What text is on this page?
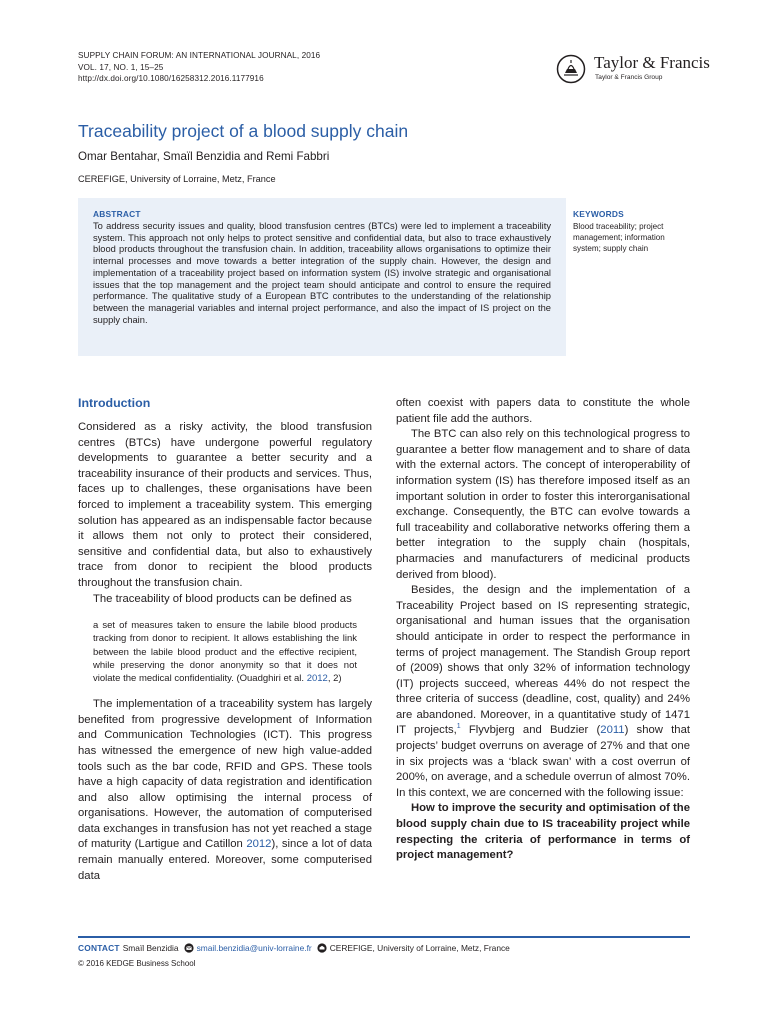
SUPPLY CHAIN FORUM: AN INTERNATIONAL JOURNAL, 2016
VOL. 17, NO. 1, 15–25
http://dx.doi.org/10.1080/16258312.2016.1177916
Taylor & Francis
Taylor & Francis Group
Traceability project of a blood supply chain
Omar Bentahar, Smaïl Benzidia and Remi Fabbri
CEREFIGE, University of Lorraine, Metz, France
ABSTRACT
To address security issues and quality, blood transfusion centres (BTCs) were led to implement a traceability system. This approach not only helps to protect sensitive and confidential data, but also to trace exhaustively blood products throughout the transfusion chain. In addition, traceability allows organisations to optimize their internal processes and move towards a better integration of the supply chain. However, the design and implementation of a traceability project based on information system (IS) involve strategic and organisational issues that the top management and the project team should anticipate and control to ensure the required performance. The qualitative study of a European BTC contributes to the understanding of the relationship between the managerial variables and internal project performance, and also the impact of IS project on the supply chain.
KEYWORDS
Blood traceability; project management; information system; supply chain
Introduction

Considered as a risky activity, the blood transfusion centres (BTCs) have undergone powerful regulatory developments to guarantee a better security and a traceability insurance of their products and services. Thus, faces up to challenges, these organisations have been forced to implement a traceability system. This emerging solution has appeared as an indispensable factor because it allows them not only to protect their considered, sensitive and confidential data, but also to exhaustively trace from donor to recipient the blood products throughout the transfusion chain.

The traceability of blood products can be defined as

a set of measures taken to ensure the labile blood products tracking from donor to recipient. It allows establishing the link between the labile blood product and the effective recipient, while preserving the donor anonymity so that it does not violate the medical confidentiality. (Ouadghiri et al. 2012, 2)

The implementation of a traceability system has largely benefited from progressive development of Information and Communication Technologies (ICT). This progress has witnessed the emergence of new high value-added tools such as the bar code, RFID and GPS. These tools have a high capacity of data registration and identification and also allow optimising the internal process of organisations. However, the automation of computerised data exchanges in transfusion has not yet reached a stage of maturity (Lartigue and Catillon 2012), since a lot of data remain manually entered. Moreover, some computerised data

often coexist with papers data to constitute the whole patient file add the authors.

The BTC can also rely on this technological progress to guarantee a better flow management and to share of data with the external actors. The concept of interoperability of information system (IS) has therefore imposed itself as an important solution in order to foster this interorganisational exchange. Consequently, the BTC can evolve towards a full traceability and collaborative networks offering them a better integration to the supply chain (hospitals, pharmacies and manufacturers of medicinal products derived from blood).

Besides, the design and the implementation of a Traceability Project based on IS representing strategic, organisational and human issues that the organisation should anticipate in order to respect the performance in terms of project management. The Standish Group report of (2009) shows that only 32% of information technology (IT) projects succeed, whereas 44% do not respect the three criteria of success (deadline, cost, quality) and 24% are abandoned. Moreover, in a quantitative study of 1471 IT projects,$^1$ Flyvbjerg and Budzier (2011) show that projects’ budget overruns on average of 27% and that one in six projects was a ‘black swan’ with a cost overrun of 200%, on average, and a schedule overrun of almost 70%. In this context, we are concerned with the following issue:

How to improve the security and optimisation of the blood supply chain due to IS traceability project while respecting the criteria of performance in terms of project management?

CONTACT Smaïl Benzidia smail.benzidia@univ-lorraine.fr CEREFIGE, University of Lorraine, Metz, France
© 2016 KEDGE Business School
